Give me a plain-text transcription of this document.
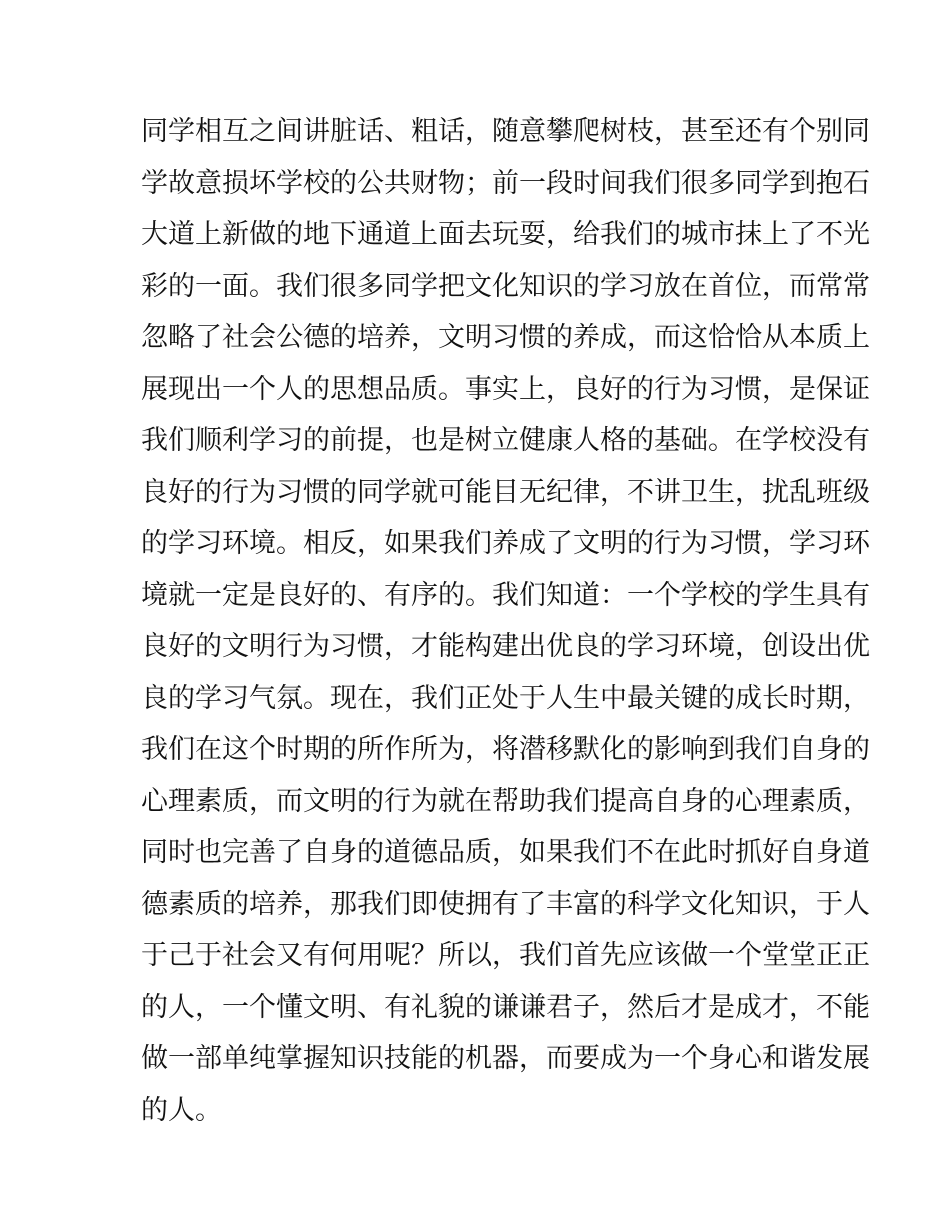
同学相互之间讲脏话、粗话，随意攀爬树枝，甚至还有个别同
学故意损坏学校的公共财物；前一段时间我们很多同学到抱石
大道上新做的地下通道上面去玩耍，给我们的城市抹上了不光
彩的一面。我们很多同学把文化知识的学习放在首位，而常常
忽略了社会公德的培养，文明习惯的养成，而这恰恰从本质上
展现出一个人的思想品质。事实上，良好的行为习惯，是保证
我们顺利学习的前提，也是树立健康人格的基础。在学校没有
良好的行为习惯的同学就可能目无纪律，不讲卫生，扰乱班级
的学习环境。相反，如果我们养成了文明的行为习惯，学习环
境就一定是良好的、有序的。我们知道：一个学校的学生具有
良好的文明行为习惯，才能构建出优良的学习环境，创设出优
良的学习气氛。现在，我们正处于人生中最关键的成长时期，
我们在这个时期的所作所为，将潜移默化的影响到我们自身的
心理素质，而文明的行为就在帮助我们提高自身的心理素质，
同时也完善了自身的道德品质，如果我们不在此时抓好自身道
德素质的培养，那我们即使拥有了丰富的科学文化知识，于人
于己于社会又有何用呢？所以，我们首先应该做一个堂堂正正
的人，一个懂文明、有礼貌的谦谦君子，然后才是成才，不能
做一部单纯掌握知识技能的机器，而要成为一个身心和谐发展
的人。
